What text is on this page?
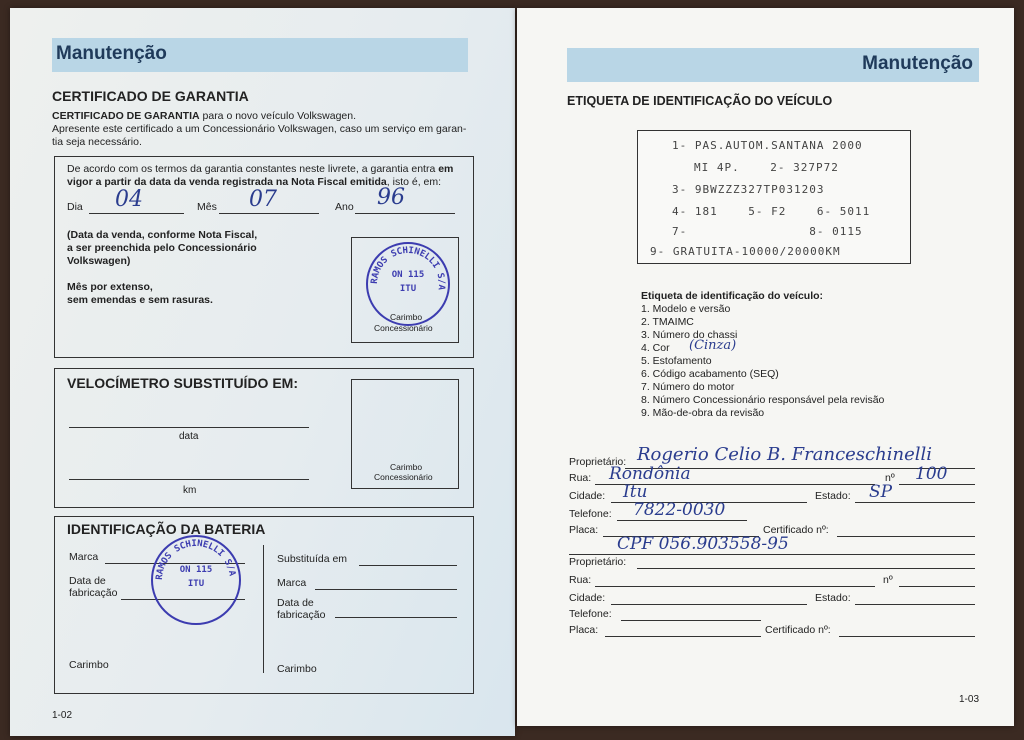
Manutenção
CERTIFICADO DE GARANTIA
CERTIFICADO DE GARANTIA para o novo veículo Volkswagen.
Apresente este certificado a um Concessionário Volkswagen, caso um serviço em garan-
tia seja necessário.
De acordo com os termos da garantia constantes neste livrete, a garantia entra em
vigor a partir da data da venda registrada na Nota Fiscal emitida, isto é, em:
Dia 04	Mês 07	Ano 96
(Data da venda, conforme Nota Fiscal,
a ser preenchida pelo Concessionário
Volkswagen)

Mês por extenso,
sem emendas e sem rasuras.
Carimbo
Concessionário
RAMOS SCHINELLI S/A
ON 115
ITU
VELOCÍMETRO SUBSTITUÍDO EM:
data
km
Carimbo
Concessionário
IDENTIFICAÇÃO DA BATERIA
Marca
Data de
fabricação
Carimbo
Substituída em
Marca
Data de
fabricação
Carimbo
RAMOS SCHINELLI S/A
ON 115
ITU
1-02
Manutenção
ETIQUETA DE IDENTIFICAÇÃO DO VEÍCULO
1- PAS.AUTOM.SANTANA 2000
MI 4P.    2- 327P72
3- 9BWZZZ327TP031203
4- 181    5- F2    6- 5011
7-                8- 0115
9- GRATUITA-10000/20000KM
Etiqueta de identificação do veículo:
1. Modelo e versão
2. TMAIMC
3. Número do chassi
4. Cor
5. Estofamento
6. Código acabamento (SEQ)
7. Número do motor
8. Número Concessionário responsável pela revisão
9. Mão-de-obra da revisão
(Cinza)
Proprietário: Rogerio Celio B. Franceschinelli
Rua: Rondônia	nº 100
Cidade: Itu	Estado: SP
Telefone: 7822-0030
Placa:	Certificado nº:
CPF 056.903558-95
Proprietário:
Rua:	nº
Cidade:	Estado:
Telefone:
Placa:	Certificado nº:
1-03
